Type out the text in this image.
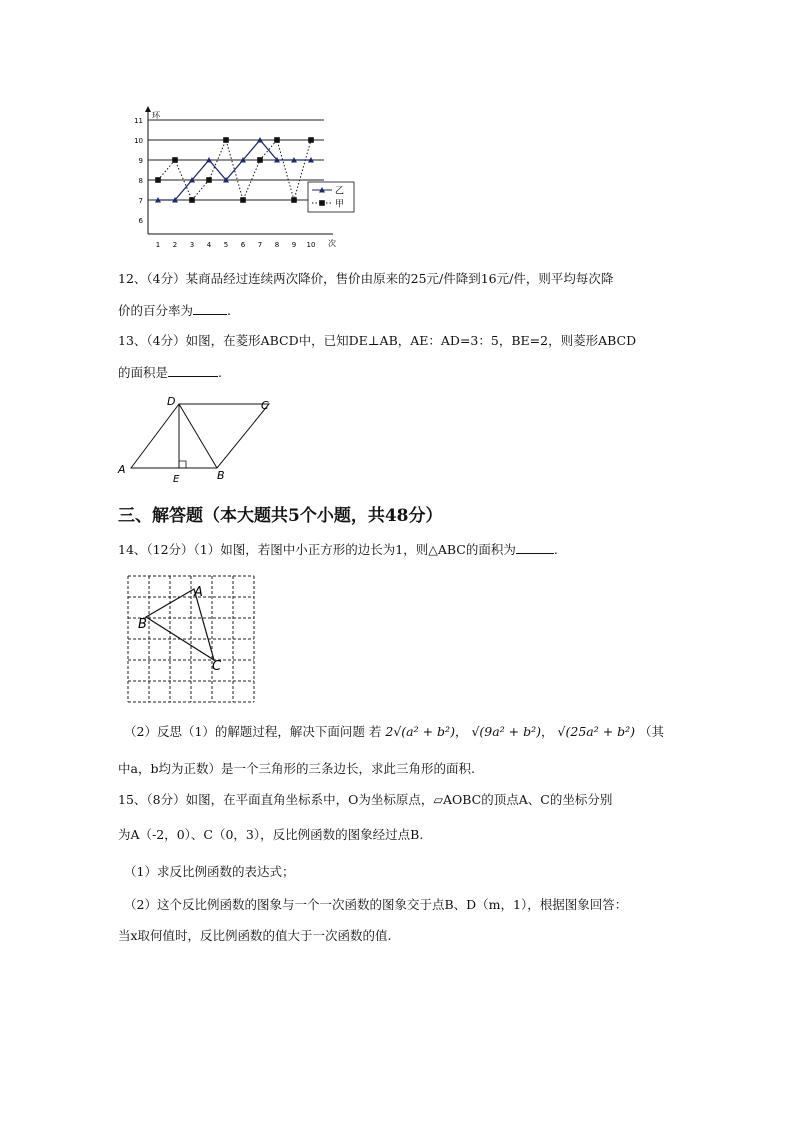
6
7
8
9
10
11
1 2 3 4 5 6 7 8 9 10
乙
甲
环
次
12、（4分）某商品经过连续两次降价，售价由原来的25元/件降到16元/件，则平均每次降
价的百分率为	.
13、（4分）如图，在菱形ABCD中，已知DE⊥AB，AE：AD=3：5，BE=2，则菱形ABCD
的面积是	.
A	B
C
D
E
三、解答题（本大题共5个小题，共48分）
14、（12分）（1）如图，若图中小正方形的边长为1，则△ABC的面积为	.
A
B
C
（2）反思（1）的解题过程，解决下面问题 若 2√(a² + b²)， √(9a² + b²)， √(25a² + b²) （其
中a，b均为正数）是一个三角形的三条边长，求此三角形的面积.
15、（8分）如图，在平面直角坐标系中，O为坐标原点，▱AOBC的顶点A、C的坐标分别
为A（-2，0）、C（0，3），反比例函数的图象经过点B.
（1）求反比例函数的表达式；
（2）这个反比例函数的图象与一个一次函数的图象交于点B、D（m，1），根据图象回答：
当x取何值时，反比例函数的值大于一次函数的值.
